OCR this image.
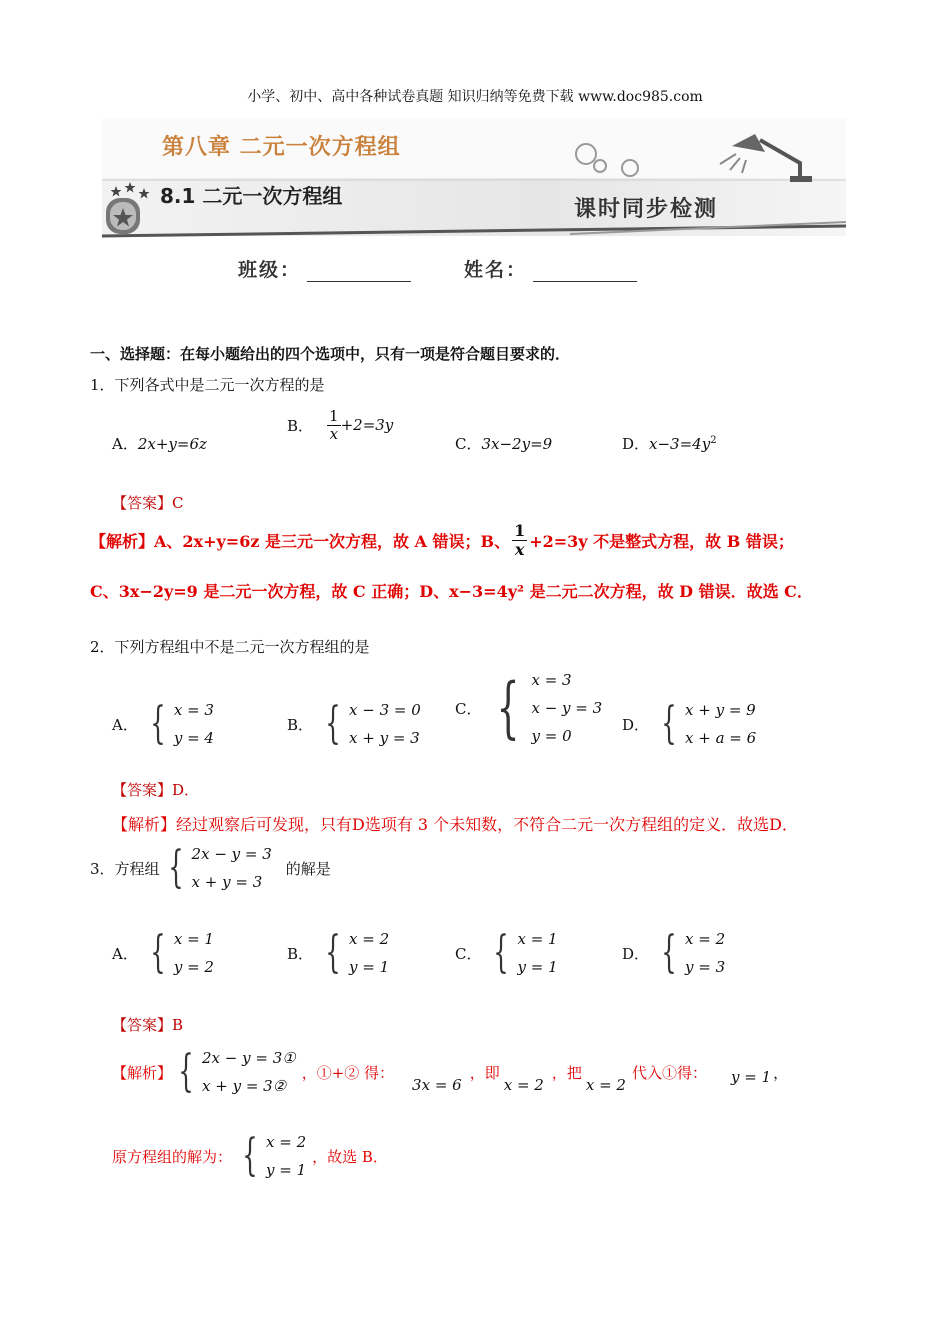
小学、初中、高中各种试卷真题 知识归纳等免费下载 www.doc985.com
第八章 二元一次方程组
8.1 二元一次方程组
课时同步检测
班级：	姓名：
一、选择题：在每小题给出的四个选项中，只有一项是符合题目要求的．
1．下列各式中是二元一次方程的是
A．2x+y=6z
B． $\frac{1}{x} +2=3y$
C．3x−2y=9	D．$x-3=4y^2$
【答案】C
【解析】A、2x+y=6z 是三元一次方程，故 A 错误；B、 $\frac{1}{x} +2=3y$ 不是整式方程，故 B 错误；
C、3x−2y=9 是二元一次方程，故 C 正确；D、x−3=4y² 是二元二次方程，故 D 错误．故选 C．
2．下列方程组中不是二元一次方程组的是
A． { x = 3
y = 4
B． { x − 3 = 0
x + y = 3
C． { x = 3
x − y = 3
y = 0
D． { x + y = 9
x + a = 6
【答案】D．
【解析】经过观察后可发现，只有D选项有 3 个未知数，不符合二元一次方程组的定义．故选D．
3．方程组 { 2x − y = 3
x + y = 3
的解是
A． { x = 1
y = 2
B． { x = 2
y = 1
C． { x = 1
y = 1
D． { x = 2
y = 3
【答案】B
【解析】 { 2x − y = 3①
x + y = 3②
，①+② 得：
3x = 6
，即
x = 2
，把
x = 2
代入①得： y = 1 ，
原方程组的解为： { x = 2
y = 1
，故选 B．
